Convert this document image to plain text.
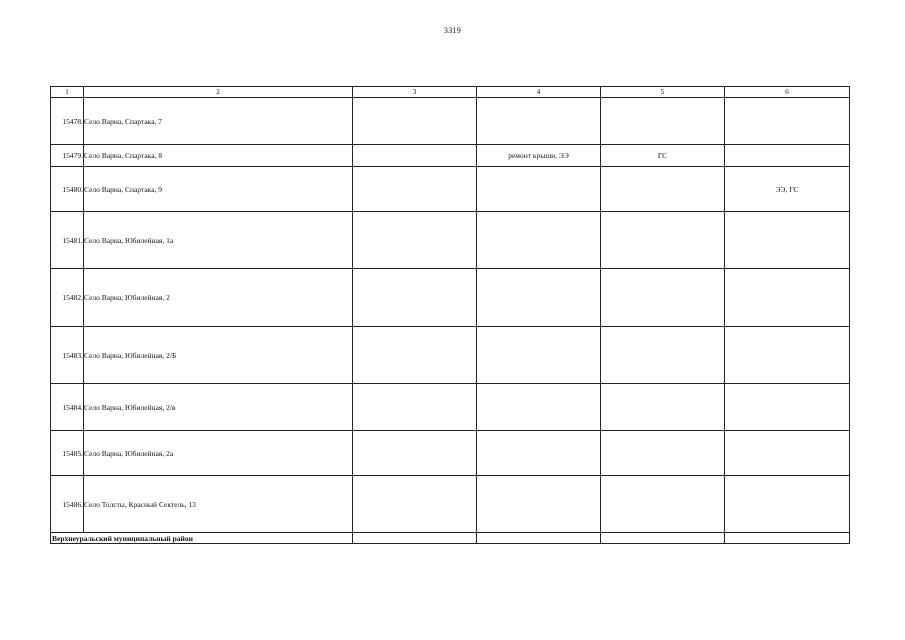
3319
1	2	3	4	5	6
15478.	Село Варна, Спартака, 7				
15479.	Село Варна, Спартака, 8		ремонт крыши, ЭЭ	ГС	
15480.	Село Варна, Спартака, 9				ЭЭ, ГС
15481.	Село Варна, Юбилейная, 1а				
15482.	Село Варна, Юбилейная, 2				
15483.	Село Варна, Юбилейная, 2/Б				
15484.	Село Варна, Юбилейная, 2/в				
15485.	Село Варна, Юбилейная, 2а				
15486.	Село Толсты, Красный Сектель, 13				
Верхнеуральский муниципальный район					
